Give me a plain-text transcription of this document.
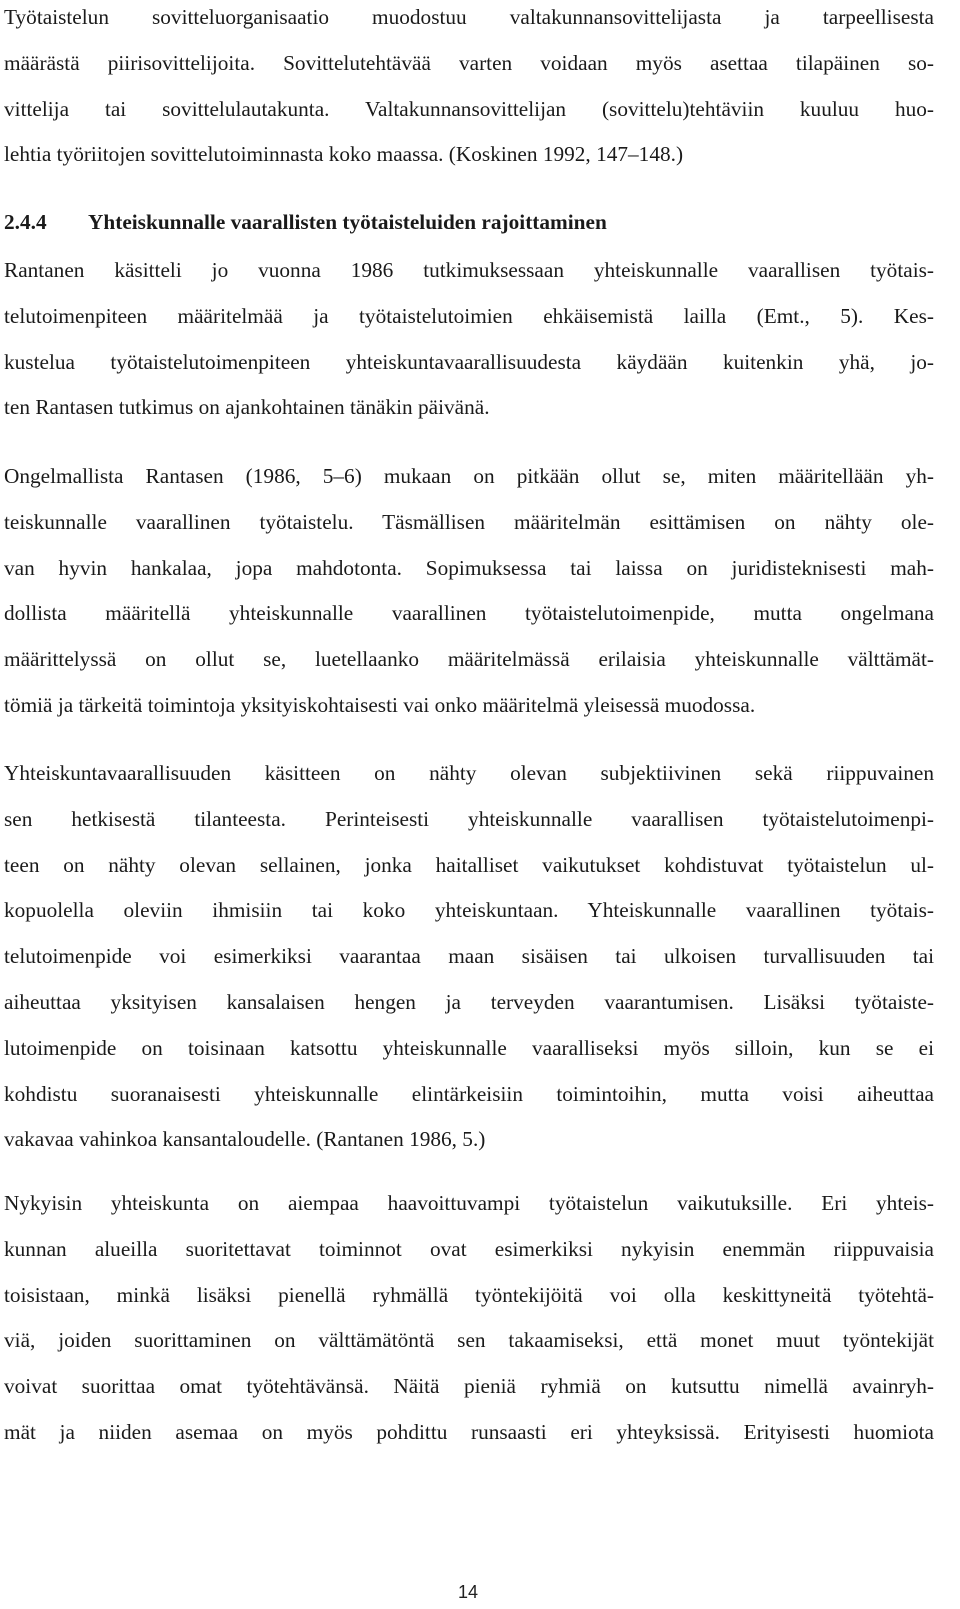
Työtaistelun sovitteluorganisaatio muodostuu valtakunnansovittelijasta ja tarpeellisesta
määrästä piirisovittelijoita. Sovittelutehtävää varten voidaan myös asettaa tilapäinen so-
vittelija tai sovittelulautakunta. Valtakunnansovittelijan (sovittelu)tehtäviin kuuluu huo-
lehtia työriitojen sovittelutoiminnasta koko maassa. (Koskinen 1992, 147–148.)

2.4.4 Yhteiskunnalle vaarallisten työtaisteluiden rajoittaminen

Rantanen käsitteli jo vuonna 1986 tutkimuksessaan yhteiskunnalle vaarallisen työtais-
telutoimenpiteen määritelmää ja työtaistelutoimien ehkäisemistä lailla (Emt., 5). Kes-
kustelua työtaistelutoimenpiteen yhteiskuntavaarallisuudesta käydään kuitenkin yhä, jo-
ten Rantasen tutkimus on ajankohtainen tänäkin päivänä.

Ongelmallista Rantasen (1986, 5–6) mukaan on pitkään ollut se, miten määritellään yh-
teiskunnalle vaarallinen työtaistelu. Täsmällisen määritelmän esittämisen on nähty ole-
van hyvin hankalaa, jopa mahdotonta. Sopimuksessa tai laissa on juridisteknisesti mah-
dollista määritellä yhteiskunnalle vaarallinen työtaistelutoimenpide, mutta ongelmana
määrittelyssä on ollut se, luetellaanko määritelmässä erilaisia yhteiskunnalle välttämät-
tömiä ja tärkeitä toimintoja yksityiskohtaisesti vai onko määritelmä yleisessä muodossa.

Yhteiskuntavaarallisuuden käsitteen on nähty olevan subjektiivinen sekä riippuvainen
sen hetkisestä tilanteesta. Perinteisesti yhteiskunnalle vaarallisen työtaistelutoimenpi-
teen on nähty olevan sellainen, jonka haitalliset vaikutukset kohdistuvat työtaistelun ul-
kopuolella oleviin ihmisiin tai koko yhteiskuntaan. Yhteiskunnalle vaarallinen työtais-
telutoimenpide voi esimerkiksi vaarantaa maan sisäisen tai ulkoisen turvallisuuden tai
aiheuttaa yksityisen kansalaisen hengen ja terveyden vaarantumisen. Lisäksi työtaiste-
lutoimenpide on toisinaan katsottu yhteiskunnalle vaaralliseksi myös silloin, kun se ei
kohdistu suoranaisesti yhteiskunnalle elintärkeisiin toimintoihin, mutta voisi aiheuttaa
vakavaa vahinkoa kansantaloudelle. (Rantanen 1986, 5.)

Nykyisin yhteiskunta on aiempaa haavoittuvampi työtaistelun vaikutuksille. Eri yhteis-
kunnan alueilla suoritettavat toiminnot ovat esimerkiksi nykyisin enemmän riippuvaisia
toisistaan, minkä lisäksi pienellä ryhmällä työntekijöitä voi olla keskittyneitä työtehtä-
viä, joiden suorittaminen on välttämätöntä sen takaamiseksi, että monet muut työntekijät
voivat suorittaa omat työtehtävänsä. Näitä pieniä ryhmiä on kutsuttu nimellä avainryh-
mät ja niiden asemaa on myös pohdittu runsaasti eri yhteyksissä. Erityisesti huomiota

14
